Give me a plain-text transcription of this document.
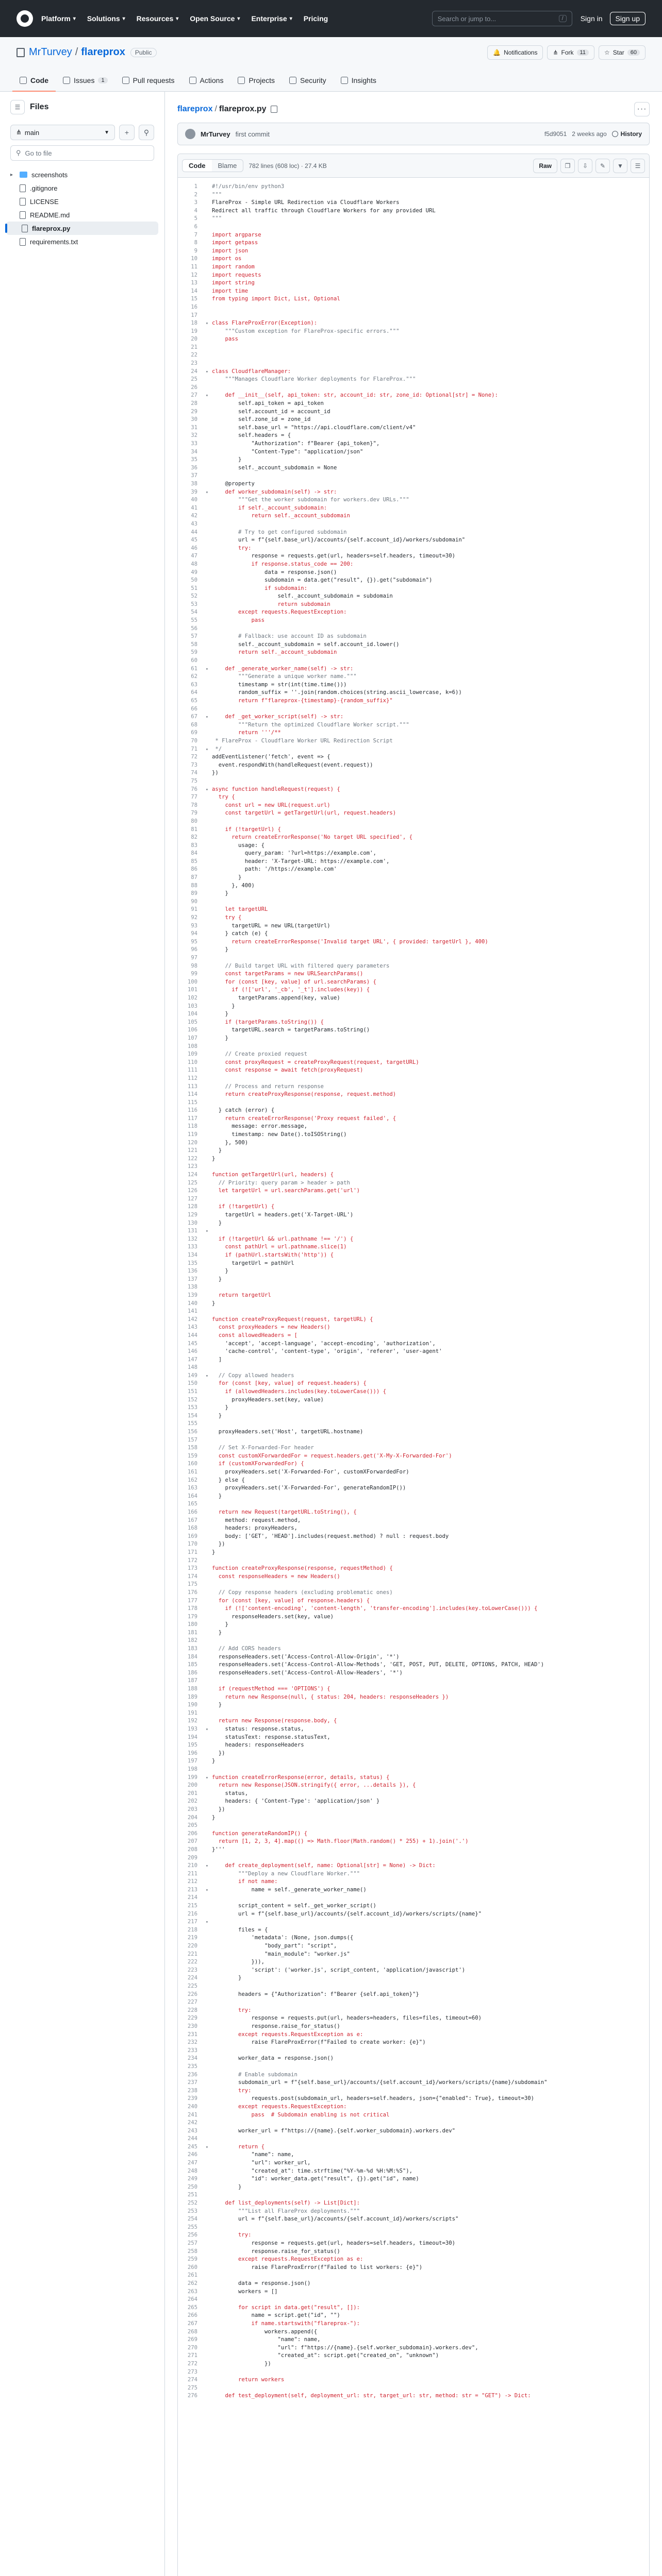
Platform ▾ Solutions ▾ Resources ▾ Open Source ▾ Enterprise ▾ Pricing	Search or jump to...	/	Sign in	Sign up
MrTurvey / flareprox	Public	🔔 Notifications	⋔ Fork	11	☆ Star	60
Code	Issues	1	Pull requests	Actions	Projects	Security	Insights
☰	Files
⋔ main	▼	+	⚲
⚲ Go to file
▸	screenshots
.gitignore
LICENSE
README.md
flareprox.py
requirements.txt
flareprox / flareprox.py	···
MrTurvey first commit	f5d9051 2 weeks ago History
Code	Blame	782 lines (608 loc) · 27.4 KB	Raw	❐	⇩	✎	▼	☰
1	#!/usr/bin/env python3
2	"""
3	FlareProx - Simple URL Redirection via Cloudflare Workers
4	Redirect all traffic through Cloudflare Workers for any provided URL
5	"""
6
7	import argparse
8	import getpass
9	import json
10	import os
11	import random
12	import requests
13	import string
14	import time
15	from typing import Dict, List, Optional
16
17
18	▾ class FlareProxError(Exception):
19	"""Custom exception for FlareProx-specific errors."""
20	pass
21
22
23
24	▾ class CloudflareManager:
25	"""Manages Cloudflare Worker deployments for FlareProx."""
26
27	▾ def __init__(self, api_token: str, account_id: str, zone_id: Optional[str] = None):
28	self.api_token = api_token
29	self.account_id = account_id
30	self.zone_id = zone_id
31	self.base_url = "https://api.cloudflare.com/client/v4"
32	self.headers = {
33	"Authorization": f"Bearer {api_token}",
34	"Content-Type": "application/json"
35	}
36	self._account_subdomain = None
37
38	@property
39	▾ def worker_subdomain(self) -> str:
40	"""Get the worker subdomain for workers.dev URLs."""
41	if self._account_subdomain:
42	return self._account_subdomain
43
44	# Try to get configured subdomain
45	url = f"{self.base_url}/accounts/{self.account_id}/workers/subdomain"
46	try:
47	response = requests.get(url, headers=self.headers, timeout=30)
48	if response.status_code == 200:
49	data = response.json()
50	subdomain = data.get("result", {}).get("subdomain")
51	if subdomain:
52	self._account_subdomain = subdomain
53	return subdomain
54	except requests.RequestException:
55	pass
56
57	# Fallback: use account ID as subdomain
58	self._account_subdomain = self.account_id.lower()
59	return self._account_subdomain
60
61	▾ def _generate_worker_name(self) -> str:
62	"""Generate a unique worker name."""
63	timestamp = str(int(time.time()))
64	random_suffix = ''.join(random.choices(string.ascii_lowercase, k=6))
65	return f"flareprox-{timestamp}-{random_suffix}"
66
67	▾ def _get_worker_script(self) -> str:
68	"""Return the optimized Cloudflare Worker script."""
69	return '''/**
70	* FlareProx - Cloudflare Worker URL Redirection Script
71	▾ */
72	addEventListener('fetch', event => {
73	event.respondWith(handleRequest(event.request))
74	})
75
76	▾ async function handleRequest(request) {
77	try {
78	const url = new URL(request.url)
79	const targetUrl = getTargetUrl(url, request.headers)
80
81	if (!targetUrl) {
82	return createErrorResponse('No target URL specified', {
83	usage: {
84	query_param: '?url=https://example.com',
85	header: 'X-Target-URL: https://example.com',
86	path: '/https://example.com'
87	}
88	}, 400)
89	}
90
91	let targetURL
92	try {
93	targetURL = new URL(targetUrl)
94	} catch (e) {
95	return createErrorResponse('Invalid target URL', { provided: targetUrl }, 400)
96	}
97
98	// Build target URL with filtered query parameters
99	const targetParams = new URLSearchParams()
100	for (const [key, value] of url.searchParams) {
101	if (!['url', '_cb', '_t'].includes(key)) {
102	targetParams.append(key, value)
103	}
104	}
105	if (targetParams.toString()) {
106	targetURL.search = targetParams.toString()
107	}
108
109	// Create proxied request
110	const proxyRequest = createProxyRequest(request, targetURL)
111	const response = await fetch(proxyRequest)
112
113	// Process and return response
114	return createProxyResponse(response, request.method)
115
116	} catch (error) {
117	return createErrorResponse('Proxy request failed', {
118	message: error.message,
119	timestamp: new Date().toISOString()
120	}, 500)
121	}
122	}
123
124	function getTargetUrl(url, headers) {
125	// Priority: query param > header > path
126	let targetUrl = url.searchParams.get('url')
127
128	if (!targetUrl) {
129	targetUrl = headers.get('X-Target-URL')
130	}
131	▾
132	if (!targetUrl && url.pathname !== '/') {
133	const pathUrl = url.pathname.slice(1)
134	if (pathUrl.startsWith('http')) {
135	targetUrl = pathUrl
136	}
137	}
138
139	return targetUrl
140	}
141
142	function createProxyRequest(request, targetURL) {
143	const proxyHeaders = new Headers()
144	const allowedHeaders = [
145	'accept', 'accept-language', 'accept-encoding', 'authorization',
146	'cache-control', 'content-type', 'origin', 'referer', 'user-agent'
147	]
148
149	▾ // Copy allowed headers
150	for (const [key, value] of request.headers) {
151	if (allowedHeaders.includes(key.toLowerCase())) {
152	proxyHeaders.set(key, value)
153	}
154	}
155
156	proxyHeaders.set('Host', targetURL.hostname)
157
158	// Set X-Forwarded-For header
159	const customXForwardedFor = request.headers.get('X-My-X-Forwarded-For')
160	if (customXForwardedFor) {
161	proxyHeaders.set('X-Forwarded-For', customXForwardedFor)
162	} else {
163	proxyHeaders.set('X-Forwarded-For', generateRandomIP())
164	}
165
166	return new Request(targetURL.toString(), {
167	method: request.method,
168	headers: proxyHeaders,
169	body: ['GET', 'HEAD'].includes(request.method) ? null : request.body
170	})
171	}
172
173	function createProxyResponse(response, requestMethod) {
174	const responseHeaders = new Headers()
175
176	// Copy response headers (excluding problematic ones)
177	for (const [key, value] of response.headers) {
178	if (!['content-encoding', 'content-length', 'transfer-encoding'].includes(key.toLowerCase())) {
179	responseHeaders.set(key, value)
180	}
181	}
182
183	// Add CORS headers
184	responseHeaders.set('Access-Control-Allow-Origin', '*')
185	responseHeaders.set('Access-Control-Allow-Methods', 'GET, POST, PUT, DELETE, OPTIONS, PATCH, HEAD')
186	responseHeaders.set('Access-Control-Allow-Headers', '*')
187
188	if (requestMethod === 'OPTIONS') {
189	return new Response(null, { status: 204, headers: responseHeaders })
190	}
191
192	return new Response(response.body, {
193	▾ status: response.status,
194	statusText: response.statusText,
195	headers: responseHeaders
196	})
197	}
198
199	▾ function createErrorResponse(error, details, status) {
200	return new Response(JSON.stringify({ error, ...details }), {
201	status,
202	headers: { 'Content-Type': 'application/json' }
203	})
204	}
205
206	function generateRandomIP() {
207	return [1, 2, 3, 4].map(() => Math.floor(Math.random() * 255) + 1).join('.')
208	}'''
209
210	▾ def create_deployment(self, name: Optional[str] = None) -> Dict:
211	"""Deploy a new Cloudflare Worker."""
212	if not name:
213	▾ name = self._generate_worker_name()
214
215	script_content = self._get_worker_script()
216	url = f"{self.base_url}/accounts/{self.account_id}/workers/scripts/{name}"
217	▾
218	files = {
219	'metadata': (None, json.dumps({
220	"body_part": "script",
221	"main_module": "worker.js"
222	})),
223	'script': ('worker.js', script_content, 'application/javascript')
224	}
225
226	headers = {"Authorization": f"Bearer {self.api_token}"}
227
228	try:
229	response = requests.put(url, headers=headers, files=files, timeout=60)
230	response.raise_for_status()
231	except requests.RequestException as e:
232	raise FlareProxError(f"Failed to create worker: {e}")
233
234	worker_data = response.json()
235
236	# Enable subdomain
237	subdomain_url = f"{self.base_url}/accounts/{self.account_id}/workers/scripts/{name}/subdomain"
238	try:
239	requests.post(subdomain_url, headers=self.headers, json={"enabled": True}, timeout=30)
240	except requests.RequestException:
241	pass  # Subdomain enabling is not critical
242
243	worker_url = f"https://{name}.{self.worker_subdomain}.workers.dev"
244
245	▾ return {
246	"name": name,
247	"url": worker_url,
248	"created_at": time.strftime("%Y-%m-%d %H:%M:%S"),
249	"id": worker_data.get("result", {}).get("id", name)
250	}
251
252	def list_deployments(self) -> List[Dict]:
253	"""List all FlareProx deployments."""
254	url = f"{self.base_url}/accounts/{self.account_id}/workers/scripts"
255
256	try:
257	response = requests.get(url, headers=self.headers, timeout=30)
258	response.raise_for_status()
259	except requests.RequestException as e:
260	raise FlareProxError(f"Failed to list workers: {e}")
261
262	data = response.json()
263	workers = []
264
265	for script in data.get("result", []):
266	name = script.get("id", "")
267	if name.startswith("flareprox-"):
268	workers.append({
269	"name": name,
270	"url": f"https://{name}.{self.worker_subdomain}.workers.dev",
271	"created_at": script.get("created_on", "unknown")
272	})
273
274	return workers
275
276	def test_deployment(self, deployment_url: str, target_url: str, method: str = "GET") -> Dict:
